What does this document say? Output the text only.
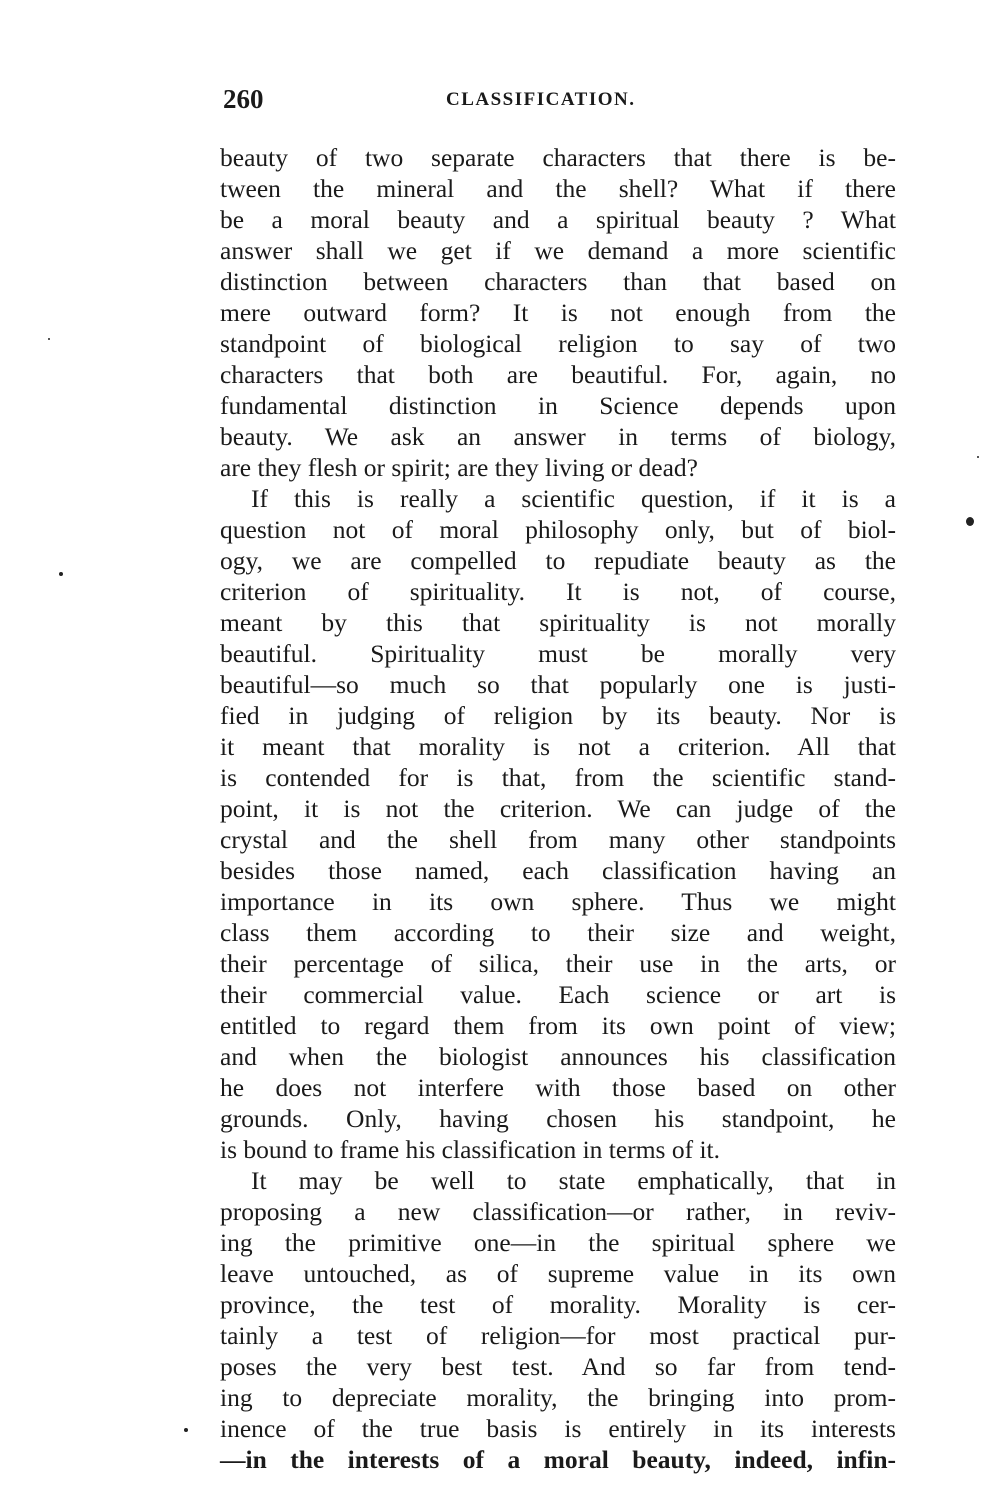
260	CLASSIFICATION.
beauty of two separate characters that there is be-
tween the mineral and the shell? What if there
be a moral beauty and a spiritual beauty ? What
answer shall we get if we demand a more scientific
distinction between characters than that based on
mere outward form? It is not enough from the
standpoint of biological religion to say of two
characters that both are beautiful. For, again, no
fundamental distinction in Science depends upon
beauty. We ask an answer in terms of biology,
are they flesh or spirit; are they living or dead?
If this is really a scientific question, if it is a
question not of moral philosophy only, but of biol-
ogy, we are compelled to repudiate beauty as the
criterion of spirituality. It is not, of course,
meant by this that spirituality is not morally
beautiful. Spirituality must be morally very
beautiful—so much so that popularly one is justi-
fied in judging of religion by its beauty. Nor is
it meant that morality is not a criterion. All that
is contended for is that, from the scientific stand-
point, it is not the criterion. We can judge of the
crystal and the shell from many other standpoints
besides those named, each classification having an
importance in its own sphere. Thus we might
class them according to their size and weight,
their percentage of silica, their use in the arts, or
their commercial value. Each science or art is
entitled to regard them from its own point of view;
and when the biologist announces his classification
he does not interfere with those based on other
grounds. Only, having chosen his standpoint, he
is bound to frame his classification in terms of it.
It may be well to state emphatically, that in
proposing a new classification—or rather, in reviv-
ing the primitive one—in the spiritual sphere we
leave untouched, as of supreme value in its own
province, the test of morality. Morality is cer-
tainly a test of religion—for most practical pur-
poses the very best test. And so far from tend-
ing to depreciate morality, the bringing into prom-
inence of the true basis is entirely in its interests
—in the interests of a moral beauty, indeed, infin-
